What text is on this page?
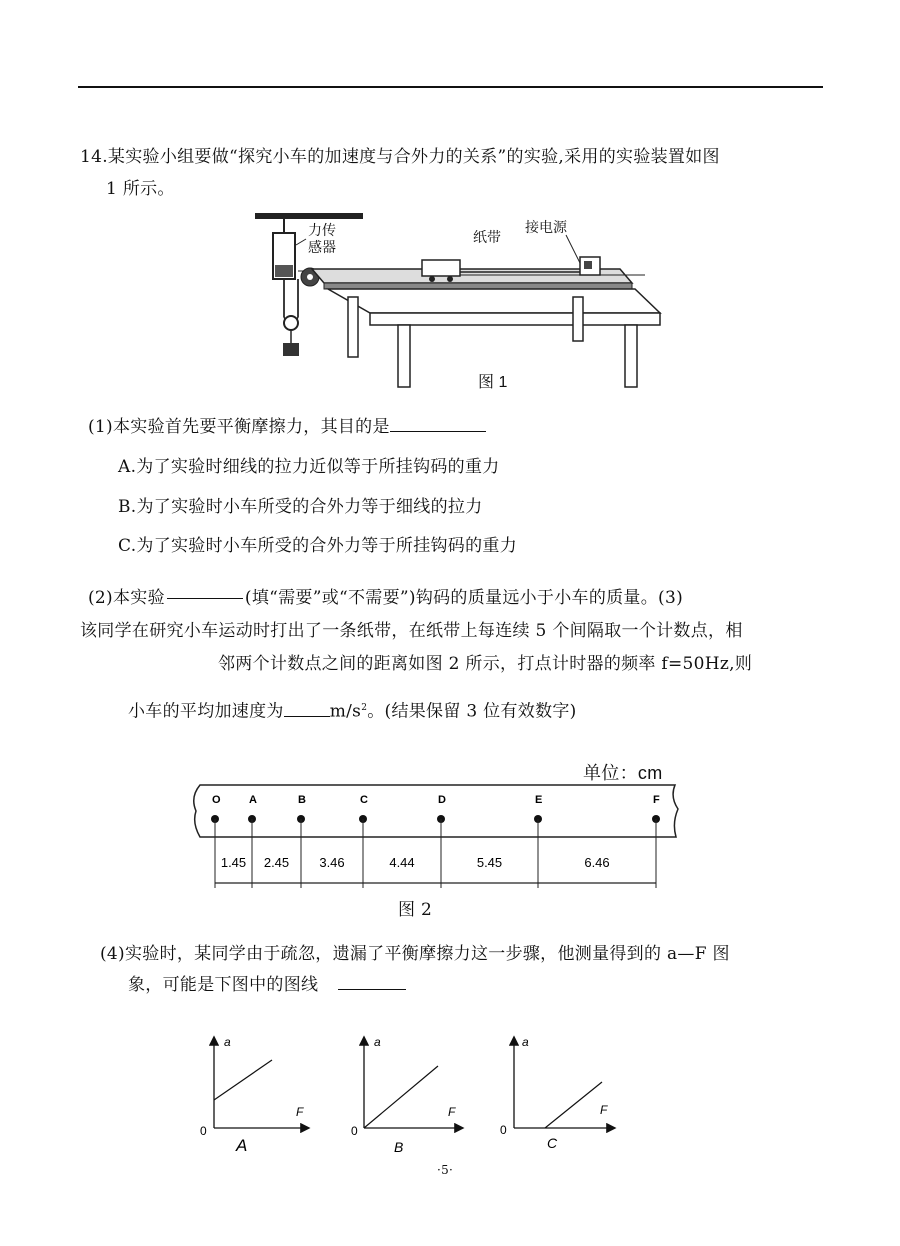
14.某实验小组要做“探究小车的加速度与合外力的关系”的实验,采用的实验装置如图
1 所示。
力传
感器
纸带
接电源
图 1
(1)本实验首先要平衡摩擦力，其目的是
A.为了实验时细线的拉力近似等于所挂钩码的重力
B.为了实验时小车所受的合外力等于细线的拉力
C.为了实验时小车所受的合外力等于所挂钩码的重力
(2)本实验	(填“需要”或“不需要”)钩码的质量远小于小车的质量。(3)
该同学在研究小车运动时打出了一条纸带，在纸带上每连续 5 个间隔取一个计数点，相
邻两个计数点之间的距离如图 2 所示，打点计时器的频率 f=50Hz,则
小车的平均加速度为	$m/s^2$。(结果保留 3 位有效数字)
单位：cm
O	A	B	C	D	E	F
1.45 2.45 3.46	4.44	5.45	6.46
图 2
(4)实验时，某同学由于疏忽，遗漏了平衡摩擦力这一步骤，他测量得到的 a—F 图
象，可能是下图中的图线
a
F
0
A
a
F
0
B
a
F
0
C
·5·
